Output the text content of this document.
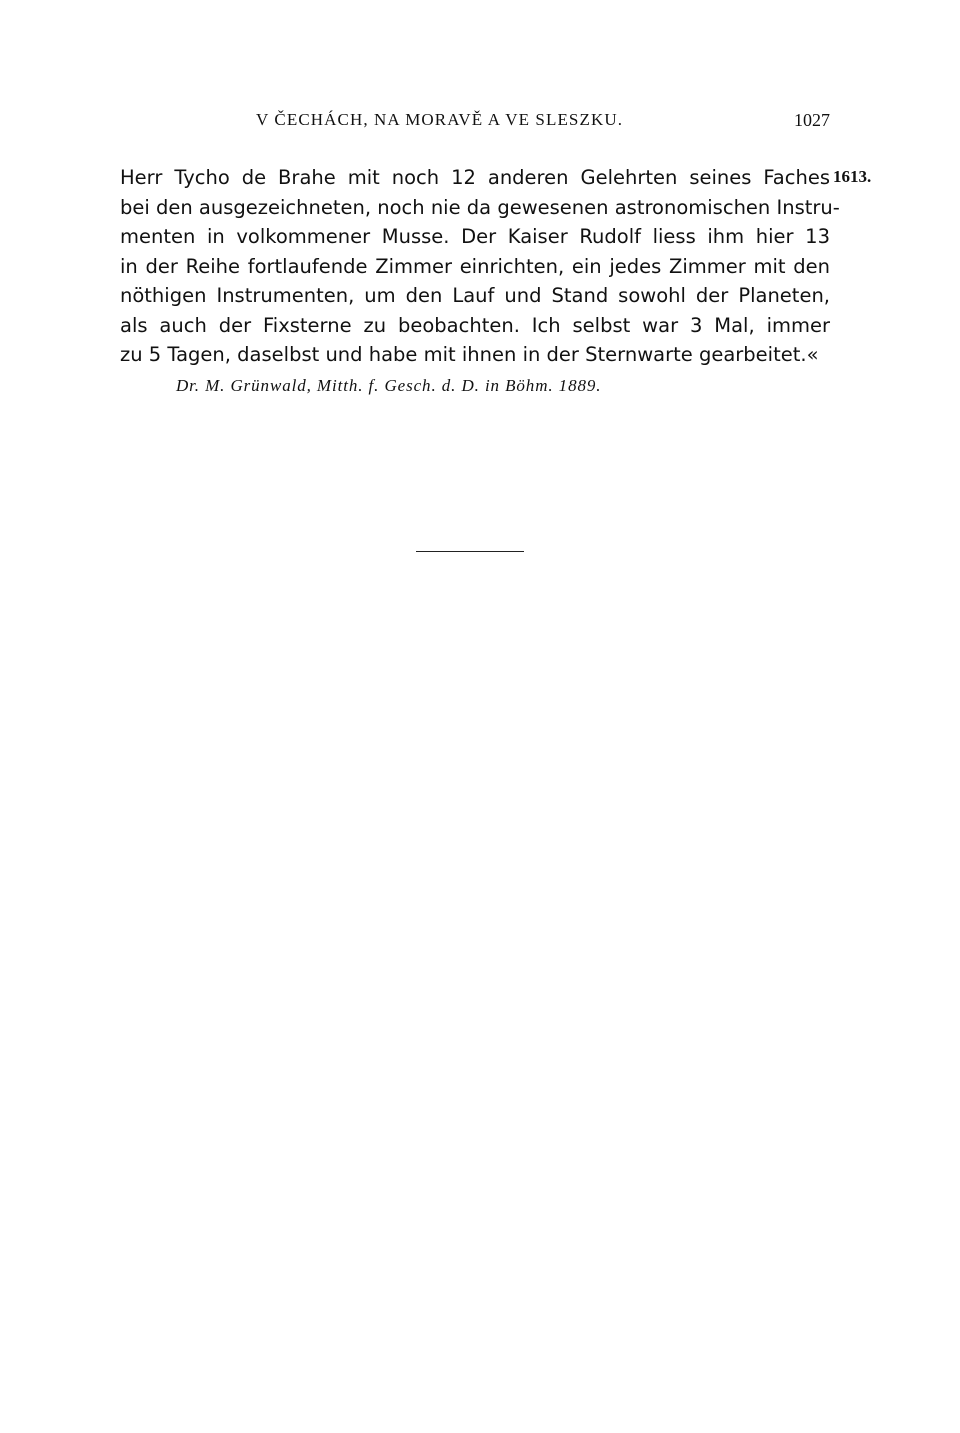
V ČECHÁCH, NA MORAVĚ A VE SLESZKU.	1027
Herr Tycho de Brahe mit noch 12 anderen Gelehrten seines Faches
bei den ausgezeichneten, noch nie da gewesenen astronomischen Instru-
menten in volkommener Musse. Der Kaiser Rudolf liess ihm hier 13
in der Reihe fortlaufende Zimmer einrichten, ein jedes Zimmer mit den
nöthigen Instrumenten, um den Lauf und Stand sowohl der Planeten,
als auch der Fixsterne zu beobachten. Ich selbst war 3 Mal, immer
zu 5 Tagen, daselbst und habe mit ihnen in der Sternwarte gearbeitet.«
1613.
Dr. M. Grünwald, Mitth. f. Gesch. d. D. in Böhm. 1889.
